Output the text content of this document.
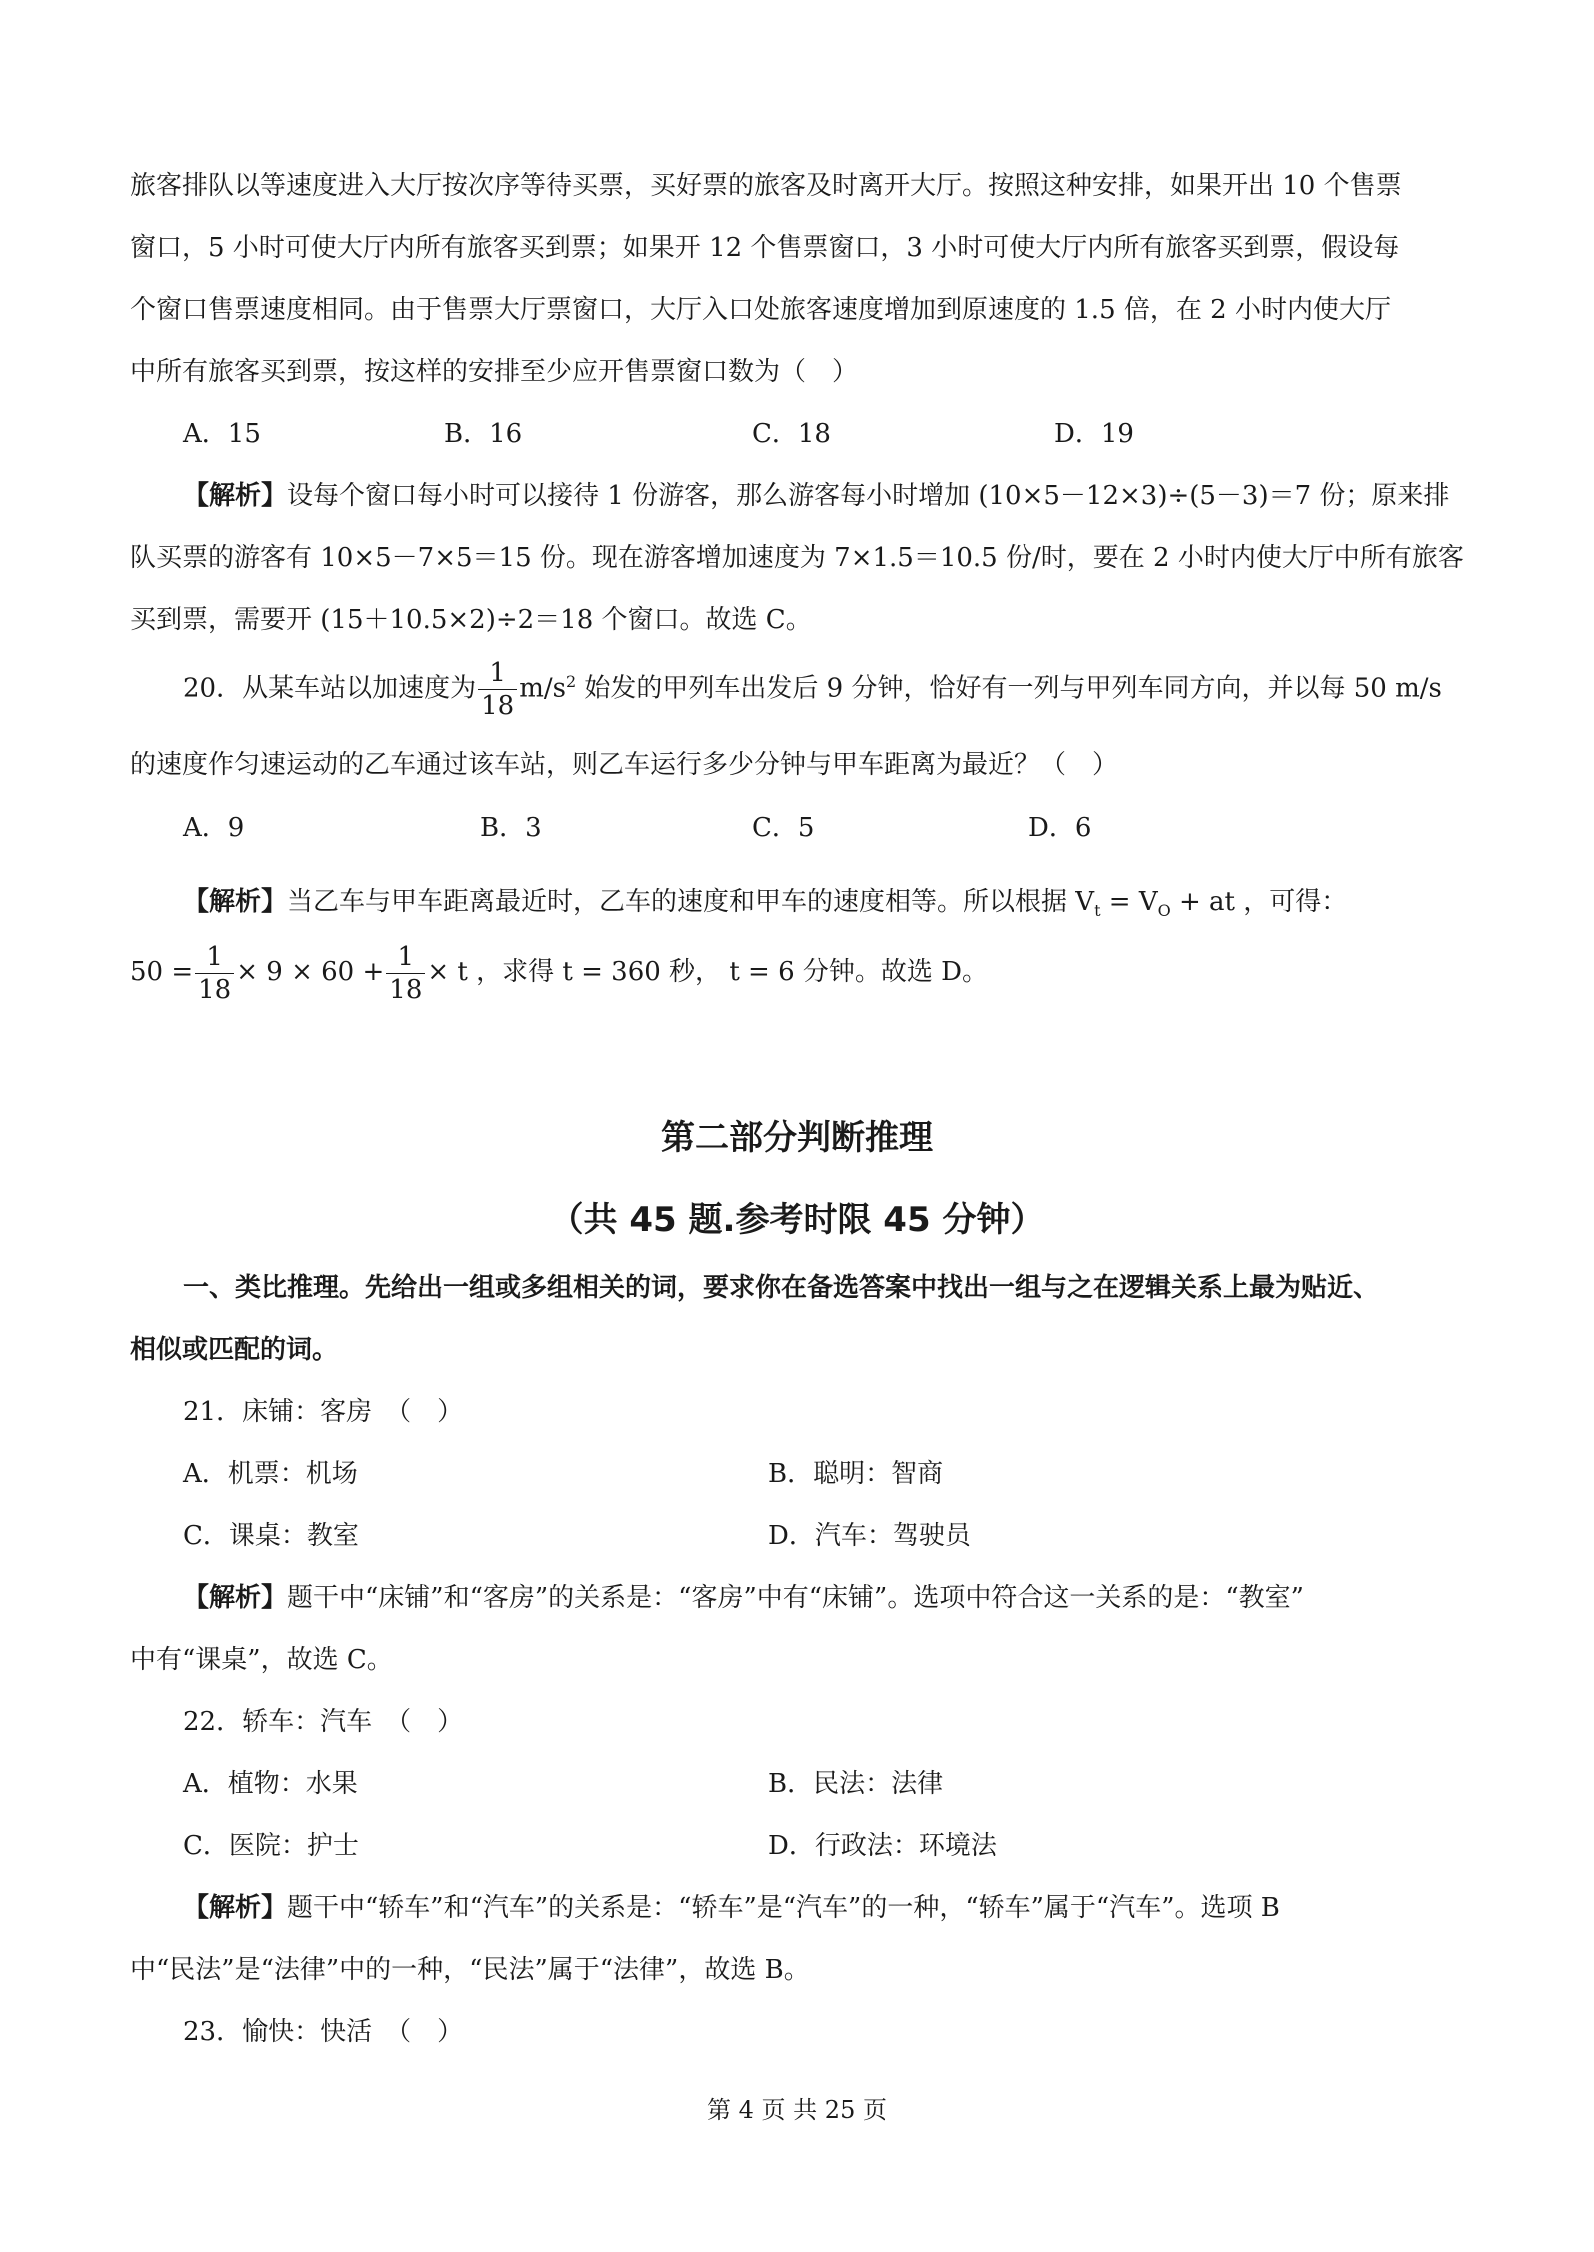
旅客排队以等速度进入大厅按次序等待买票，买好票的旅客及时离开大厅。按照这种安排，如果开出 10 个售票
窗口，5 小时可使大厅内所有旅客买到票；如果开 12 个售票窗口，3 小时可使大厅内所有旅客买到票，假设每
个窗口售票速度相同。由于售票大厅票窗口，大厅入口处旅客速度增加到原速度的 1.5 倍，在 2 小时内使大厅
中所有旅客买到票，按这样的安排至少应开售票窗口数为（　）
A．15	B．16	C．18	D．19
【解析】设每个窗口每小时可以接待 1 份游客，那么游客每小时增加 (10×5－12×3)÷(5－3)＝7 份；原来排
队买票的游客有 10×5－7×5＝15 份。现在游客增加速度为 7×1.5＝10.5 份/时，要在 2 小时内使大厅中所有旅客
买到票，需要开 (15＋10.5×2)÷2＝18 个窗口。故选 C。
20．从某车站以加速度为 $\frac{1}{18} m/s^2$ 始发的甲列车出发后 9 分钟，恰好有一列与甲列车同方向，并以每 50 m/s
的速度作匀速运动的乙车通过该车站，则乙车运行多少分钟与甲车距离为最近？（　）
A．9	B．3	C．5	D．6
【解析】当乙车与甲车距离最近时，乙车的速度和甲车的速度相等。所以根据 $V_t = V_O$ + at ，可得：
$50 = \frac{1}{18} \times 9 \times 60 + \frac{1}{18} \times t$ ，求得 t = 360 秒， t = 6 分钟。故选 D。
第二部分判断推理
（共 45 题.参考时限 45 分钟）
一、类比推理。先给出一组或多组相关的词，要求你在备选答案中找出一组与之在逻辑关系上最为贴近、
相似或匹配的词。
21．床铺：客房　（　）
A．机票：机场	B．聪明：智商
C．课桌：教室	D．汽车：驾驶员
【解析】题干中“床铺”和“客房”的关系是：“客房”中有“床铺”。选项中符合这一关系的是：“教室”
中有“课桌”，故选 C。
22．轿车：汽车　（　）
A．植物：水果	B．民法：法律
C．医院：护士	D．行政法：环境法
【解析】题干中“轿车”和“汽车”的关系是：“轿车”是“汽车”的一种，“轿车”属于“汽车”。选项 B
中“民法”是“法律”中的一种，“民法”属于“法律”，故选 B。
23．愉快：快活　（　）
第 4 页 共 25 页
